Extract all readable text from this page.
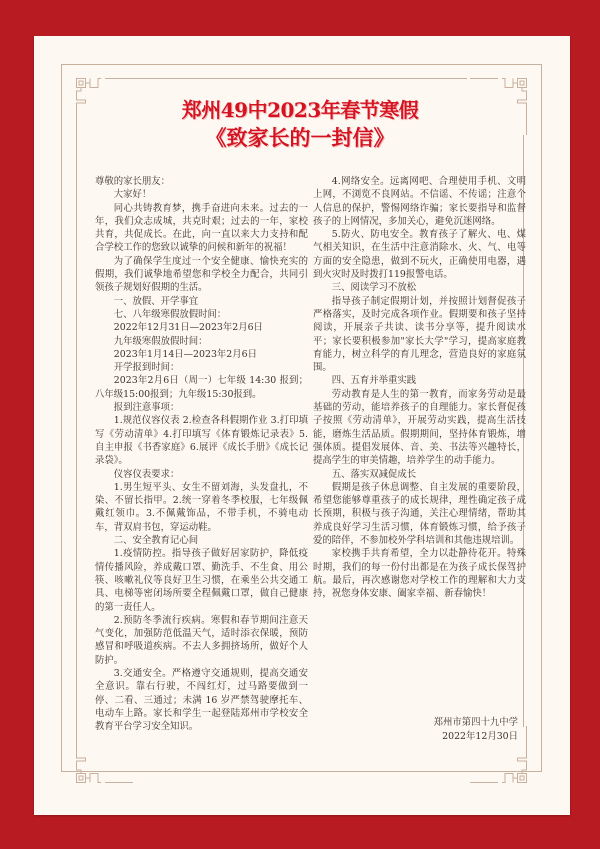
郑州49中2023年春节寒假
《致家长的一封信》

尊敬的家长朋友：

大家好！

同心共铸教育梦，携手奋进向未来。过去的一年，我们众志成城，共克时艰；过去的一年，家校共育，共促成长。在此，向一直以来大力支持和配合学校工作的您致以诚挚的问候和新年的祝福！

为了确保学生度过一个安全健康、愉快充实的假期，我们诚挚地希望您和学校全力配合，共同引领孩子规划好假期的生活。

一、放假、开学事宜

七、八年级寒假放假时间：

2022年12月31日—2023年2月6日

九年级寒假放假时间：

2023年1月14日—2023年2月6日

开学报到时间：

2023年2月6日（周一）七年级 14:30 报到；八年级15:00报到；九年级15:30报到。

报到注意事项：

1.规范仪容仪表 2.检查各科假期作业 3.打印填写《劳动清单》4.打印填写《体育锻炼记录表》5.自主申报《书香家庭》6.展评《成长手册》《成长记录袋》。

仪容仪表要求：

1.男生短平头、女生不留刘海，头发盘扎，不染、不留长指甲。2.统一穿着冬季校服，七年级佩戴红领巾。3.不佩戴饰品，不带手机，不骑电动车，背双肩书包，穿运动鞋。

二、安全教育记心间

1.疫情防控。指导孩子做好居家防护，降低疫情传播风险，养成戴口罩、勤洗手、不生食、用公筷、咳嗽礼仪等良好卫生习惯，在乘坐公共交通工具、电梯等密闭场所要全程佩戴口罩，做自己健康的第一责任人。

2.预防冬季流行疾病。寒假和春节期间注意天气变化，加强防范低温天气，适时添衣保暖，预防感冒和呼吸道疾病。不去人多拥挤场所，做好个人防护。

3.交通安全。严格遵守交通规则，提高交通安全意识。靠右行驶，不闯红灯，过马路要做到一停、二看、三通过；未满 16 岁严禁驾驶摩托车、电动车上路。家长和学生一起登陆郑州市学校安全教育平台学习安全知识。

4.网络安全。远离网吧、合理使用手机、文明上网，不浏览不良网站。不信谣、不传谣；注意个人信息的保护，警惕网络诈骗；家长要指导和监督孩子的上网情况，多加关心，避免沉迷网络。

5.防火、防电安全。教育孩子了解火、电、煤气相关知识，在生活中注意消除水、火、气、电等方面的安全隐患，做到不玩火，正确使用电器，遇到火灾时及时拨打119报警电话。

三、阅读学习不放松

指导孩子制定假期计划，并按照计划督促孩子严格落实，及时完成各项作业。假期要和孩子坚持阅读，开展亲子共读、读书分享等，提升阅读水平；家长要积极参加"家长大学"学习，提高家庭教育能力，树立科学的育儿理念，营造良好的家庭氛围。

四、五育并举重实践

劳动教育是人生的第一教育，而家务劳动是最基础的劳动，能培养孩子的自理能力。家长督促孩子按照《劳动清单》，开展劳动实践，提高生活技能，磨炼生活品质。假期期间，坚持体育锻炼，增强体质。提倡发展体、音、美、书法等兴趣特长，提高学生的审美情趣，培养学生的动手能力。

五、落实双减促成长

假期是孩子休息调整、自主发展的重要阶段，希望您能够尊重孩子的成长规律，理性确定孩子成长预期，积极与孩子沟通，关注心理情绪，帮助其养成良好学习生活习惯，体育锻炼习惯，给予孩子爱的陪伴，不参加校外学科培训和其他违规培训。

家校携手共育希望，全力以赴静待花开。特殊时期，我们的每一份付出都是在为孩子成长保驾护航。最后，再次感谢您对学校工作的理解和大力支持，祝您身体安康、阖家幸福、新春愉快！

郑州市第四十九中学
2022年12月30日
